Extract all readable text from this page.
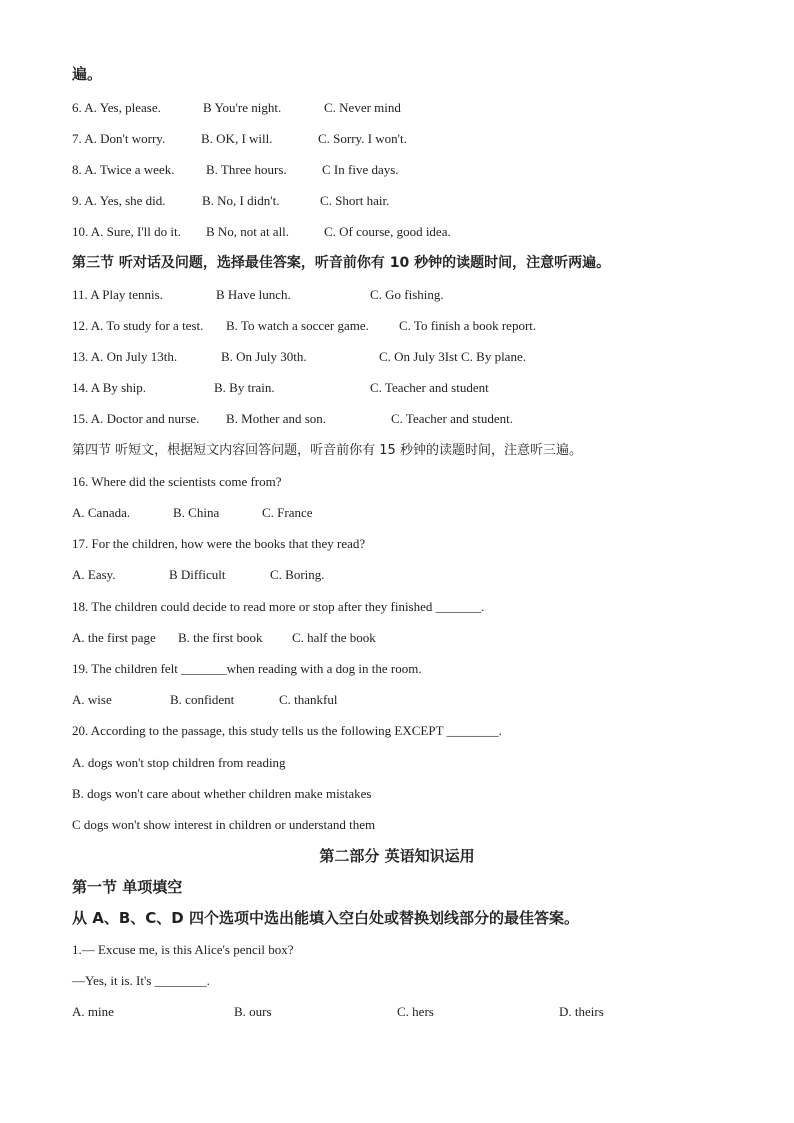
遍。
6. A. Yes, please.	B You're night.	C. Never mind
7. A. Don't worry.	B. OK, I will.	C. Sorry. I won't.
8. A. Twice a week. B. Three hours.	C In five days.
9. A. Yes, she did.	B. No, I didn't.	C. Short hair.
10. A. Sure, I'll do it. B No, not at all.	C. Of course, good idea.
第三节 听对话及问题，选择最佳答案，听音前你有 10 秒钟的读题时间，注意听两遍。
11. A Play tennis.	B Have lunch.	C. Go fishing.
12. A. To study for a test. B. To watch a soccer game. C. To finish a book report.
13. A. On July 13th.	B. On July 30th.	C. On July 3Ist C. By plane.
14. A By ship.	B. By train.	C. Teacher and student
15. A. Doctor and nurse. B. Mother and son.	C. Teacher and student.
第四节 听短文，根据短文内容回答问题，听音前你有 15 秒钟的读题时间，注意听三遍。
16. Where did the scientists come from?
A. Canada.	B. China	C. France
17. For the children, how were the books that they read?
A. Easy.	B Difficult	C. Boring.
18. The children could decide to read more or stop after they finished _______.
A. the first page B. the first book C. half the book
19. The children felt _______when reading with a dog in the room.
A. wise	B. confident	C. thankful
20. According to the passage, this study tells us the following EXCEPT ________.
A. dogs won't stop children from reading
B. dogs won't care about whether children make mistakes
C dogs won't show interest in children or understand them
第二部分 英语知识运用
第一节 单项填空
从 A、B、C、D 四个选项中选出能填入空白处或替换划线部分的最佳答案。
1.— Excuse me, is this Alice's pencil box?
—Yes, it is. It's ________.
A. mine	B. ours	C. hers	D. theirs
